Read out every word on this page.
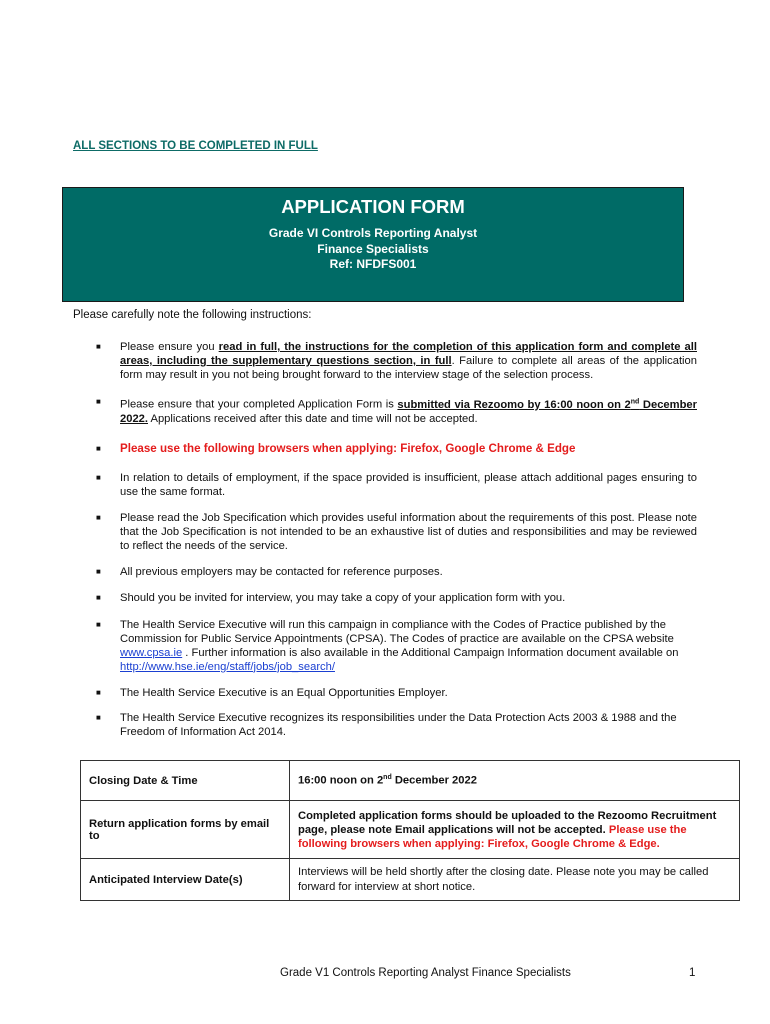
ALL SECTIONS TO BE COMPLETED IN FULL
APPLICATION FORM
Grade VI Controls Reporting Analyst
Finance Specialists
Ref: NFDFS001
Please carefully note the following instructions:
■ Please ensure you read in full, the instructions for the completion of this application form and complete all areas, including the supplementary questions section, in full. Failure to complete all areas of the application form may result in you not being brought forward to the interview stage of the selection process.
■ Please ensure that your completed Application Form is submitted via Rezoomo by 16:00 noon on 2nd December 2022. Applications received after this date and time will not be accepted.
■ Please use the following browsers when applying: Firefox, Google Chrome & Edge
■ In relation to details of employment, if the space provided is insufficient, please attach additional pages ensuring to use the same format.
■ Please read the Job Specification which provides useful information about the requirements of this post. Please note that the Job Specification is not intended to be an exhaustive list of duties and responsibilities and may be reviewed to reflect the needs of the service.
■ All previous employers may be contacted for reference purposes.
■ Should you be invited for interview, you may take a copy of your application form with you.
■ The Health Service Executive will run this campaign in compliance with the Codes of Practice published by the Commission for Public Service Appointments (CPSA). The Codes of practice are available on the CPSA website www.cpsa.ie . Further information is also available in the Additional Campaign Information document available on http://www.hse.ie/eng/staff/jobs/job_search/
■ The Health Service Executive is an Equal Opportunities Employer.
■ The Health Service Executive recognizes its responsibilities under the Data Protection Acts 2003 & 1988 and the Freedom of Information Act 2014.
Closing Date & Time	16:00 noon on 2nd December 2022
Return application forms by email to	Completed application forms should be uploaded to the Rezoomo Recruitment page, please note Email applications will not be accepted. Please use the following browsers when applying: Firefox, Google Chrome & Edge.
Anticipated Interview Date(s)	Interviews will be held shortly after the closing date. Please note you may be called forward for interview at short notice.
Grade V1 Controls Reporting Analyst Finance Specialists	1
